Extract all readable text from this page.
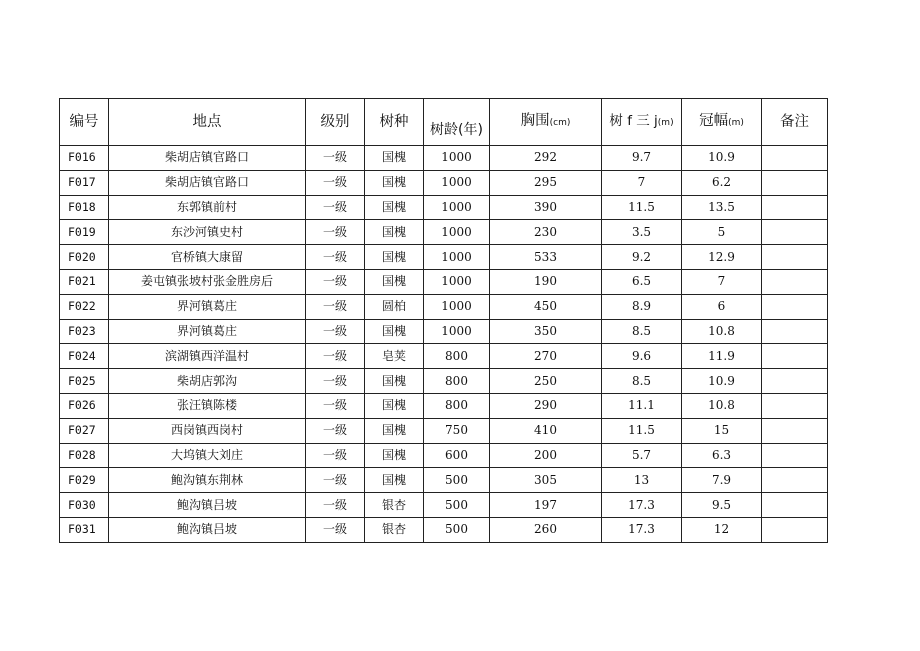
编号	地点	级别	树种	树龄(年)	胸围(cm)	树 f 三 j(m)	冠幅(m)	备注
F016	柴胡店镇官路口	一级	国槐	1000	292	9.7	10.9	
F017	柴胡店镇官路口	一级	国槐	1000	295	7	6.2	
F018	东郭镇前村	一级	国槐	1000	390	11.5	13.5	
F019	东沙河镇史村	一级	国槐	1000	230	3.5	5	
F020	官桥镇大康留	一级	国槐	1000	533	9.2	12.9	
F021	姜屯镇张坡村张金胜房后	一级	国槐	1000	190	6.5	7	
F022	界河镇葛庄	一级	圆柏	1000	450	8.9	6	
F023	界河镇葛庄	一级	国槐	1000	350	8.5	10.8	
F024	滨湖镇西洋温村	一级	皂荚	800	270	9.6	11.9	
F025	柴胡店郭沟	一级	国槐	800	250	8.5	10.9	
F026	张汪镇陈楼	一级	国槐	800	290	11.1	10.8	
F027	西岗镇西岗村	一级	国槐	750	410	11.5	15	
F028	大坞镇大刘庄	一级	国槐	600	200	5.7	6.3	
F029	鲍沟镇东荆林	一级	国槐	500	305	13	7.9	
F030	鲍沟镇吕坡	一级	银杏	500	197	17.3	9.5	
F031	鲍沟镇吕坡	一级	银杏	500	260	17.3	12	
